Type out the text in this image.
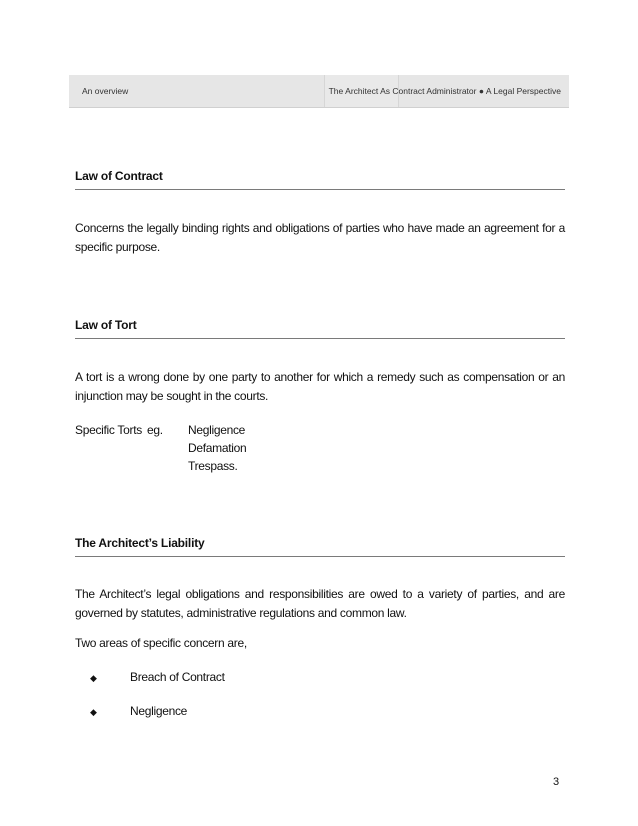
An overview	The Architect As Contract Administrator ● A Legal Perspective
Law of Contract
Concerns the legally binding rights and obligations of parties who have made an agreement for a specific purpose.
Law of Tort
A tort is a wrong done by one party to another for which a remedy such as compensation or an injunction may be sought in the courts.
Specific Torts eg. Negligence
Defamation
Trespass.
The Architect’s Liability
The Architect’s legal obligations and responsibilities are owed to a variety of parties, and are governed by statutes, administrative regulations and common law.
Two areas of specific concern are,
◆	Breach of Contract
◆	Negligence
3
